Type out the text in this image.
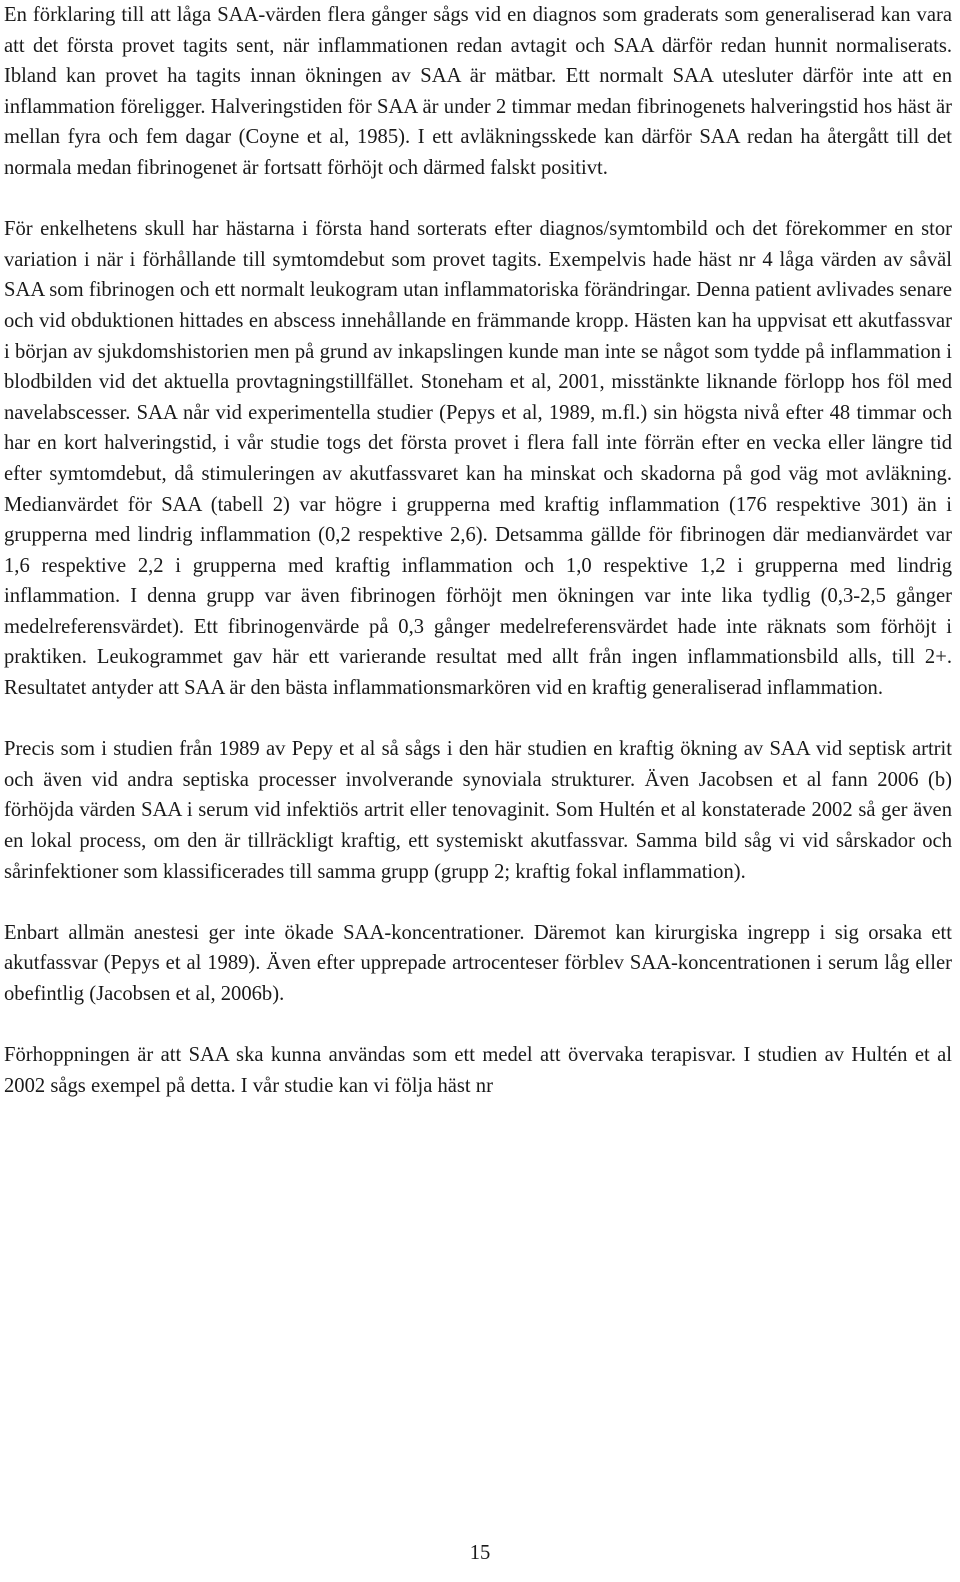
En förklaring till att låga SAA-värden flera gånger sågs vid en diagnos som graderats som generaliserad kan vara att det första provet tagits sent, när inflammationen redan avtagit och SAA därför redan hunnit normaliserats. Ibland kan provet ha tagits innan ökningen av SAA är mätbar. Ett normalt SAA utesluter därför inte att en inflammation föreligger. Halveringstiden för SAA är under 2 timmar medan fibrinogenets halveringstid hos häst är mellan fyra och fem dagar (Coyne et al, 1985). I ett avläkningsskede kan därför SAA redan ha återgått till det normala medan fibrinogenet är fortsatt förhöjt och därmed falskt positivt.

För enkelhetens skull har hästarna i första hand sorterats efter diagnos/symtombild och det förekommer en stor variation i när i förhållande till symtomdebut som provet tagits. Exempelvis hade häst nr 4 låga värden av såväl SAA som fibrinogen och ett normalt leukogram utan inflammatoriska förändringar. Denna patient avlivades senare och vid obduktionen hittades en abscess innehållande en främmande kropp. Hästen kan ha uppvisat ett akutfassvar i början av sjukdomshistorien men på grund av inkapslingen kunde man inte se något som tydde på inflammation i blodbilden vid det aktuella provtagningstillfället. Stoneham et al, 2001, misstänkte liknande förlopp hos föl med navelabscesser. SAA når vid experimentella studier (Pepys et al, 1989, m.fl.) sin högsta nivå efter 48 timmar och har en kort halveringstid, i vår studie togs det första provet i flera fall inte förrän efter en vecka eller längre tid efter symtomdebut, då stimuleringen av akutfassvaret kan ha minskat och skadorna på god väg mot avläkning. Medianvärdet för SAA (tabell 2) var högre i grupperna med kraftig inflammation (176 respektive 301) än i grupperna med lindrig inflammation (0,2 respektive 2,6). Detsamma gällde för fibrinogen där medianvärdet var 1,6 respektive 2,2 i grupperna med kraftig inflammation och 1,0 respektive 1,2 i grupperna med lindrig inflammation. I denna grupp var även fibrinogen förhöjt men ökningen var inte lika tydlig (0,3-2,5 gånger medelreferensvärdet). Ett fibrinogenvärde på 0,3 gånger medelreferensvärdet hade inte räknats som förhöjt i praktiken. Leukogrammet gav här ett varierande resultat med allt från ingen inflammationsbild alls, till 2+. Resultatet antyder att SAA är den bästa inflammationsmarkören vid en kraftig generaliserad inflammation.

Precis som i studien från 1989 av Pepy et al så sågs i den här studien en kraftig ökning av SAA vid septisk artrit och även vid andra septiska processer involverande synoviala strukturer. Även Jacobsen et al fann 2006 (b) förhöjda värden SAA i serum vid infektiös artrit eller tenovaginit. Som Hultén et al konstaterade 2002 så ger även en lokal process, om den är tillräckligt kraftig, ett systemiskt akutfassvar. Samma bild såg vi vid sårskador och sårinfektioner som klassificerades till samma grupp (grupp 2; kraftig fokal inflammation).

Enbart allmän anestesi ger inte ökade SAA-koncentrationer. Däremot kan kirurgiska ingrepp i sig orsaka ett akutfassvar (Pepys et al 1989). Även efter upprepade artrocenteser förblev SAA-koncentrationen i serum låg eller obefintlig (Jacobsen et al, 2006b).

Förhoppningen är att SAA ska kunna användas som ett medel att övervaka terapisvar. I studien av Hultén et al 2002 sågs exempel på detta. I vår studie kan vi följa häst nr

15
